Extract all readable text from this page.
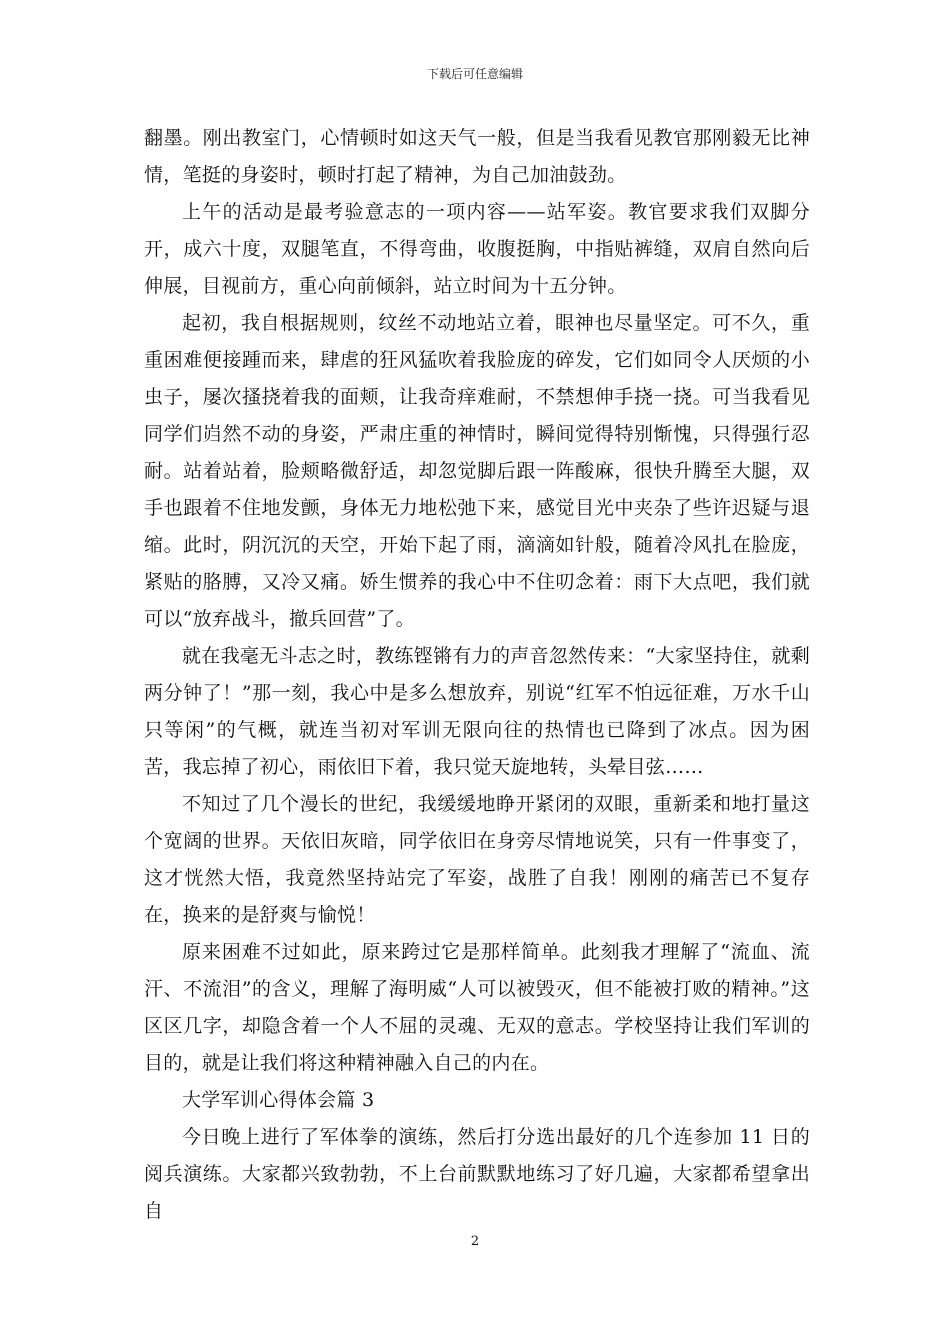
下载后可任意编辑

翻墨。刚出教室门，心情顿时如这天气一般，但是当我看见教官那刚毅无比神情，笔挺的身姿时，顿时打起了精神，为自己加油鼓劲。

上午的活动是最考验意志的一项内容——站军姿。教官要求我们双脚分开，成六十度，双腿笔直，不得弯曲，收腹挺胸，中指贴裤缝，双肩自然向后伸展，目视前方，重心向前倾斜，站立时间为十五分钟。

起初，我自根据规则，纹丝不动地站立着，眼神也尽量坚定。可不久，重重困难便接踵而来，肆虐的狂风猛吹着我脸庞的碎发，它们如同令人厌烦的小虫子，屡次搔挠着我的面颊，让我奇痒难耐，不禁想伸手挠一挠。可当我看见同学们岿然不动的身姿，严肃庄重的神情时，瞬间觉得特别惭愧，只得强行忍耐。站着站着，脸颊略微舒适，却忽觉脚后跟一阵酸麻，很快升腾至大腿，双手也跟着不住地发颤，身体无力地松弛下来，感觉目光中夹杂了些许迟疑与退缩。此时，阴沉沉的天空，开始下起了雨，滴滴如针般，随着冷风扎在脸庞，紧贴的胳膊，又冷又痛。娇生惯养的我心中不住叨念着：雨下大点吧，我们就可以“放弃战斗，撤兵回营”了。

就在我毫无斗志之时，教练铿锵有力的声音忽然传来：“大家坚持住，就剩两分钟了！”那一刻，我心中是多么想放弃，别说“红军不怕远征难，万水千山只等闲”的气概，就连当初对军训无限向往的热情也已降到了冰点。因为困苦，我忘掉了初心，雨依旧下着，我只觉天旋地转，头晕目弦……

不知过了几个漫长的世纪，我缓缓地睁开紧闭的双眼，重新柔和地打量这个宽阔的世界。天依旧灰暗，同学依旧在身旁尽情地说笑，只有一件事变了，这才恍然大悟，我竟然坚持站完了军姿，战胜了自我！刚刚的痛苦已不复存在，换来的是舒爽与愉悦！

原来困难不过如此，原来跨过它是那样简单。此刻我才理解了“流血、流汗、不流泪”的含义，理解了海明威“人可以被毁灭，但不能被打败的精神。”这区区几字，却隐含着一个人不屈的灵魂、无双的意志。学校坚持让我们军训的目的，就是让我们将这种精神融入自己的内在。

大学军训心得体会篇 3

今日晚上进行了军体拳的演练，然后打分选出最好的几个连参加 11 日的阅兵演练。大家都兴致勃勃，不上台前默默地练习了好几遍，大家都希望拿出自

2
